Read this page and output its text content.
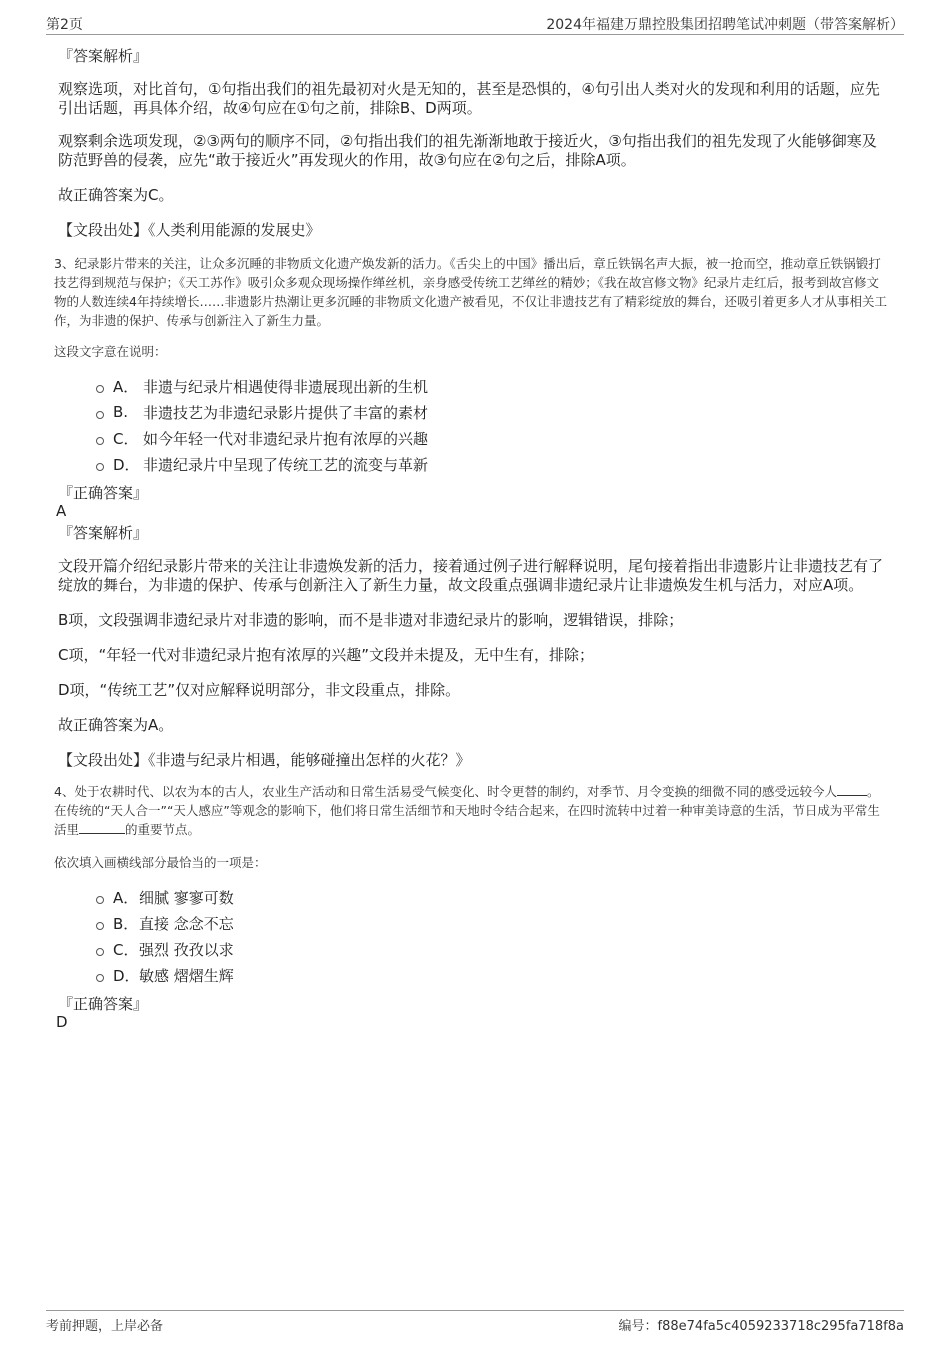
第2页	2024年福建万鼎控股集团招聘笔试冲刺题（带答案解析）

『答案解析』

观察选项，对比首句，①句指出我们的祖先最初对火是无知的，甚至是恐惧的，④句引出人类对火的发现和利用的话题，应先引出话题，再具体介绍，故④句应在①句之前，排除B、D两项。

观察剩余选项发现，②③两句的顺序不同，②句指出我们的祖先渐渐地敢于接近火，③句指出我们的祖先发现了火能够御寒及防范野兽的侵袭，应先“敢于接近火”再发现火的作用，故③句应在②句之后，排除A项。

故正确答案为C。

【文段出处】《人类利用能源的发展史》

3、纪录影片带来的关注，让众多沉睡的非物质文化遗产焕发新的活力。《舌尖上的中国》播出后，章丘铁锅名声大振，被一抢而空，推动章丘铁锅锻打技艺得到规范与保护；《天工苏作》吸引众多观众现场操作缂丝机，亲身感受传统工艺缂丝的精妙；《我在故宫修文物》纪录片走红后，报考到故宫修文物的人数连续4年持续增长……非遗影片热潮让更多沉睡的非物质文化遗产被看见，不仅让非遗技艺有了精彩绽放的舞台，还吸引着更多人才从事相关工作，为非遗的保护、传承与创新注入了新生力量。

这段文字意在说明：

A． 非遗与纪录片相遇使得非遗展现出新的生机
B. 非遗技艺为非遗纪录影片提供了丰富的素材
C． 如今年轻一代对非遗纪录片抱有浓厚的兴趣
D． 非遗纪录片中呈现了传统工艺的流变与革新

『正确答案』

A

『答案解析』

文段开篇介绍纪录影片带来的关注让非遗焕发新的活力，接着通过例子进行解释说明，尾句接着指出非遗影片让非遗技艺有了绽放的舞台，为非遗的保护、传承与创新注入了新生力量，故文段重点强调非遗纪录片让非遗焕发生机与活力，对应A项。

B项，文段强调非遗纪录片对非遗的影响，而不是非遗对非遗纪录片的影响，逻辑错误，排除；

C项，“年轻一代对非遗纪录片抱有浓厚的兴趣”文段并未提及，无中生有，排除；

D项，“传统工艺”仅对应解释说明部分，非文段重点，排除。

故正确答案为A。

【文段出处】《非遗与纪录片相遇，能够碰撞出怎样的火花？》

4、处于农耕时代、以农为本的古人，农业生产活动和日常生活易受气候变化、时令更替的制约，对季节、月令变换的细微不同的感受远较今人 。在传统的“天人合一”“天人感应”等观念的影响下，他们将日常生活细节和天地时令结合起来，在四时流转中过着一种审美诗意的生活，节日成为平常生活里	的重要节点。

依次填入画横线部分最恰当的一项是：

A． 细腻 寥寥可数
B． 直接 念念不忘
C． 强烈 孜孜以求
D． 敏感 熠熠生辉

『正确答案』

D

考前押题，上岸必备	编号：f88e74fa5c4059233718c295fa718f8a
